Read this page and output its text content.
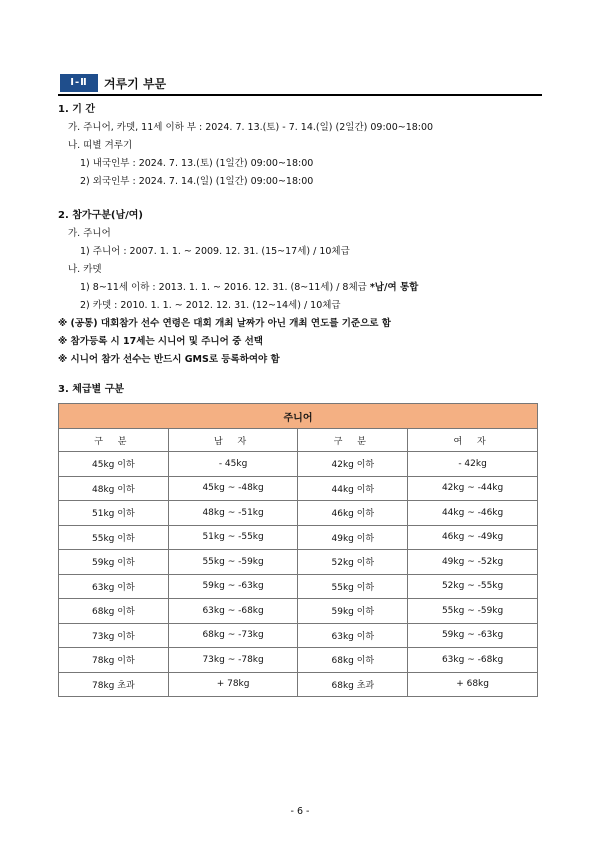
Ⅰ-Ⅱ	겨루기 부문
1. 기 간
가. 주니어, 카뎃, 11세 이하 부 : 2024. 7. 13.(토) - 7. 14.(일) (2일간) 09:00~18:00
나. 띠별 겨루기
1) 내국인부 : 2024. 7. 13.(토) (1일간) 09:00~18:00
2) 외국인부 : 2024. 7. 14.(일) (1일간) 09:00~18:00
2. 참가구분(남/여)
가. 주니어
1) 주니어 : 2007. 1. 1. ~ 2009. 12. 31. (15~17세) / 10체급
나. 카뎃
1) 8~11세 이하 : 2013. 1. 1. ~ 2016. 12. 31. (8~11세) / 8체급 *남/여 통합
2) 카뎃 : 2010. 1. 1. ~ 2012. 12. 31. (12~14세) / 10체급
※ (공통) 대회참가 선수 연령은 대회 개최 날짜가 아닌 개최 연도를 기준으로 함
※ 참가등록 시 17세는 시니어 및 주니어 중 선택
※ 시니어 참가 선수는 반드시 GMS로 등록하여야 함
3. 체급별 구분
주니어			
구 분	남 자	구 분	여 자
45kg 이하	- 45kg	42kg 이하	- 42kg
48kg 이하	45kg ~ -48kg	44kg 이하	42kg ~ -44kg
51kg 이하	48kg ~ -51kg	46kg 이하	44kg ~ -46kg
55kg 이하	51kg ~ -55kg	49kg 이하	46kg ~ -49kg
59kg 이하	55kg ~ -59kg	52kg 이하	49kg ~ -52kg
63kg 이하	59kg ~ -63kg	55kg 이하	52kg ~ -55kg
68kg 이하	63kg ~ -68kg	59kg 이하	55kg ~ -59kg
73kg 이하	68kg ~ -73kg	63kg 이하	59kg ~ -63kg
78kg 이하	73kg ~ -78kg	68kg 이하	63kg ~ -68kg
78kg 초과	+ 78kg	68kg 초과	+ 68kg
- 6 -
